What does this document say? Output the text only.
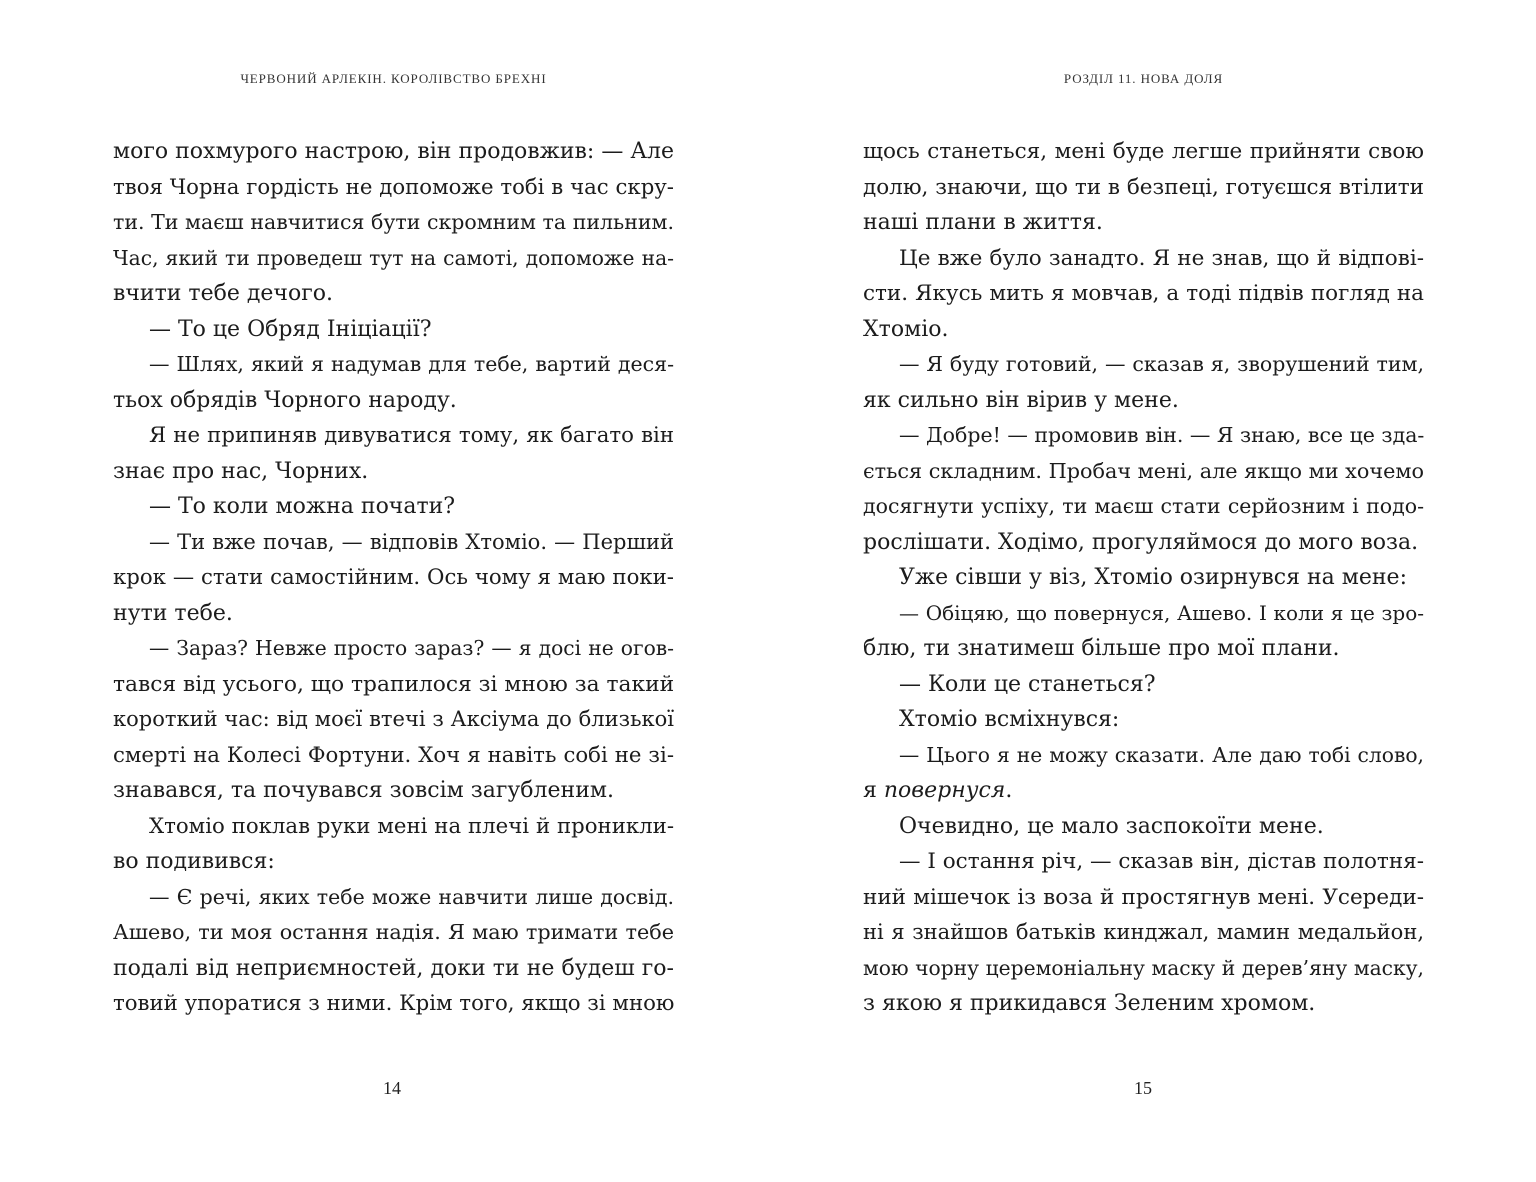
ЧЕРВОНИЙ АРЛЕКІН. КОРОЛІВСТВО БРЕХНІ
мого похмурого настрою, він продовжив: — Але
твоя Чорна гордість не допоможе тобі в час скру-
ти. Ти маєш навчитися бути скромним та пильним.
Час, який ти проведеш тут на самоті, допоможе на-
вчити тебе дечого.
— То це Обряд Ініціації?
— Шлях, який я надумав для тебе, вартий деся-
тьох обрядів Чорного народу.
Я не припиняв дивуватися тому, як багато він
знає про нас, Чорних.
— То коли можна почати?
— Ти вже почав, — відповів Хтоміо. — Перший
крок — стати самостійним. Ось чому я маю поки-
нути тебе.
— Зараз? Невже просто зараз? — я досі не огов-
тався від усього, що трапилося зі мною за такий
короткий час: від моєї втечі з Аксіума до близької
смерті на Колесі Фортуни. Хоч я навіть собі не зі-
знавався, та почувався зовсім загубленим.
Хтоміо поклав руки мені на плечі й проникли-
во подивився:
— Є речі, яких тебе може навчити лише досвід.
Ашево, ти моя остання надія. Я маю тримати тебе
подалі від неприємностей, доки ти не будеш го-
товий упоратися з ними. Крім того, якщо зі мною
14
РОЗДІЛ 11. НОВА ДОЛЯ
щось станеться, мені буде легше прийняти свою
долю, знаючи, що ти в безпеці, готуєшся втілити
наші плани в життя.
Це вже було занадто. Я не знав, що й відпові-
сти. Якусь мить я мовчав, а тоді підвів погляд на
Хтоміо.
— Я буду готовий, — сказав я, зворушений тим,
як сильно він вірив у мене.
— Добре! — промовив він. — Я знаю, все це зда-
ється складним. Пробач мені, але якщо ми хочемо
досягнути успіху, ти маєш стати серйозним і подо-
рослішати. Ходімо, прогуляймося до мого воза.
Уже сівши у віз, Хтоміо озирнувся на мене:
— Обіцяю, що повернуся, Ашево. І коли я це зро-
блю, ти знатимеш більше про мої плани.
— Коли це станеться?
Хтоміо всміхнувся:
— Цього я не можу сказати. Але даю тобі слово,
я повернуся.
Очевидно, це мало заспокоїти мене.
— І остання річ, — сказав він, дістав полотня-
ний мішечок із воза й простягнув мені. Усереди-
ні я знайшов батьків кинджал, мамин медальйон,
мою чорну церемоніальну маску й дерев’яну маску,
з якою я прикидався Зеленим хромом.
15
